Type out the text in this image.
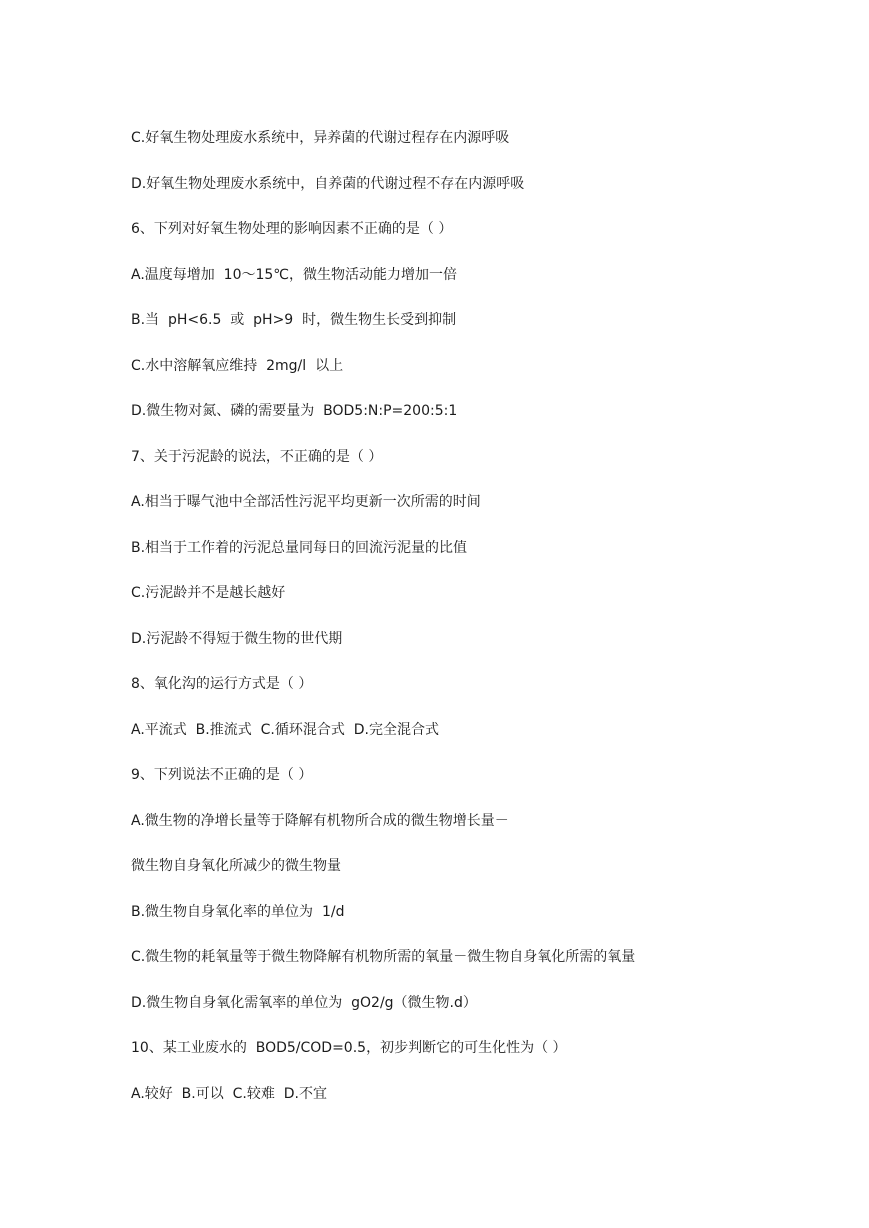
C.好氧生物处理废水系统中，异养菌的代谢过程存在内源呼吸
D.好氧生物处理废水系统中，自养菌的代谢过程不存在内源呼吸
6、下列对好氧生物处理的影响因素不正确的是（ ）
A.温度每增加  10～15℃，微生物活动能力增加一倍
B.当  pH<6.5  或  pH>9  时，微生物生长受到抑制
C.水中溶解氧应维持  2mg/l  以上
D.微生物对氮、磷的需要量为  BOD5:N:P=200:5:1
7、关于污泥龄的说法，不正确的是（ ）
A.相当于曝气池中全部活性污泥平均更新一次所需的时间
B.相当于工作着的污泥总量同每日的回流污泥量的比值
C.污泥龄并不是越长越好
D.污泥龄不得短于微生物的世代期
8、氧化沟的运行方式是（ ）
A.平流式  B.推流式  C.循环混合式  D.完全混合式
9、下列说法不正确的是（ ）
A.微生物的净增长量等于降解有机物所合成的微生物增长量－
微生物自身氧化所减少的微生物量
B.微生物自身氧化率的单位为  1/d
C.微生物的耗氧量等于微生物降解有机物所需的氧量－微生物自身氧化所需的氧量
D.微生物自身氧化需氧率的单位为  gO2/g（微生物.d）
10、某工业废水的  BOD5/COD=0.5，初步判断它的可生化性为（ ）
A.较好  B.可以  C.较难  D.不宜
